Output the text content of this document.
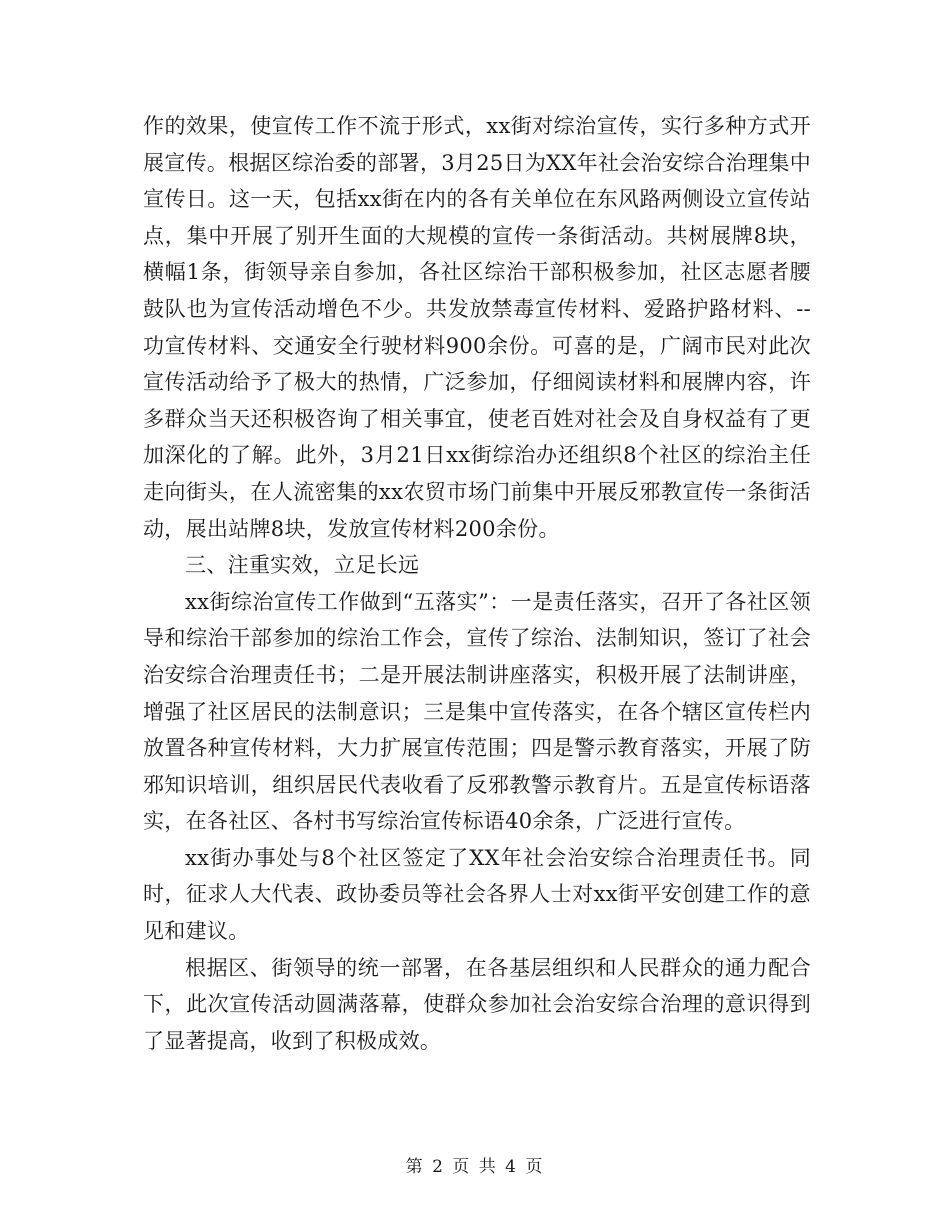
作的效果，使宣传工作不流于形式，xx街对综治宣传，实行多种方式开展宣传。根据区综治委的部署，3月25日为XX年社会治安综合治理集中宣传日。这一天，包括xx街在内的各有关单位在东风路两侧设立宣传站点，集中开展了别开生面的大规模的宣传一条街活动。共树展牌8块，横幅1条，街领导亲自参加，各社区综治干部积极参加，社区志愿者腰鼓队也为宣传活动增色不少。共发放禁毒宣传材料、爱路护路材料、--功宣传材料、交通安全行驶材料900余份。可喜的是，广阔市民对此次宣传活动给予了极大的热情，广泛参加，仔细阅读材料和展牌内容，许多群众当天还积极咨询了相关事宜，使老百姓对社会及自身权益有了更加深化的了解。此外，3月21日xx街综治办还组织8个社区的综治主任走向街头，在人流密集的xx农贸市场门前集中开展反邪教宣传一条街活动，展出站牌8块，发放宣传材料200余份。

三、注重实效，立足长远

xx街综治宣传工作做到“五落实”：一是责任落实，召开了各社区领导和综治干部参加的综治工作会，宣传了综治、法制知识，签订了社会治安综合治理责任书；二是开展法制讲座落实，积极开展了法制讲座，增强了社区居民的法制意识；三是集中宣传落实，在各个辖区宣传栏内放置各种宣传材料，大力扩展宣传范围；四是警示教育落实，开展了防邪知识培训，组织居民代表收看了反邪教警示教育片。五是宣传标语落实，在各社区、各村书写综治宣传标语40余条，广泛进行宣传。

xx街办事处与8个社区签定了XX年社会治安综合治理责任书。同时，征求人大代表、政协委员等社会各界人士对xx街平安创建工作的意见和建议。

根据区、街领导的统一部署，在各基层组织和人民群众的通力配合下，此次宣传活动圆满落幕，使群众参加社会治安综合治理的意识得到了显著提高，收到了积极成效。

第 2 页 共 4 页
